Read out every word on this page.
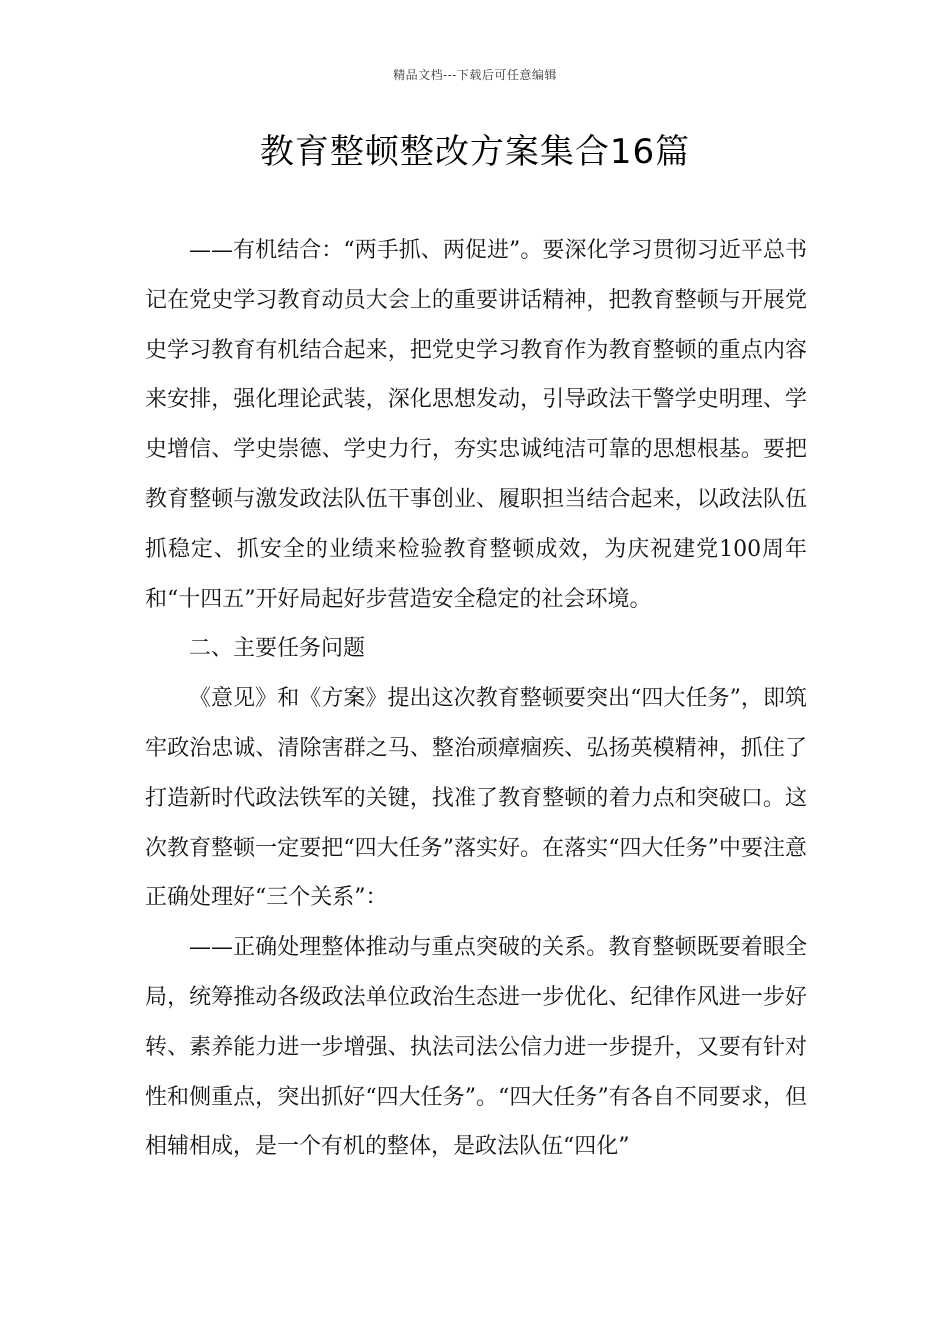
精品文档---下载后可任意编辑
教育整顿整改方案集合16篇

——有机结合：“两手抓、两促进”。要深化学习贯彻习近平总书记在党史学习教育动员大会上的重要讲话精神，把教育整顿与开展党史学习教育有机结合起来，把党史学习教育作为教育整顿的重点内容来安排，强化理论武装，深化思想发动，引导政法干警学史明理、学史增信、学史崇德、学史力行，夯实忠诚纯洁可靠的思想根基。要把教育整顿与激发政法队伍干事创业、履职担当结合起来，以政法队伍抓稳定、抓安全的业绩来检验教育整顿成效，为庆祝建党100周年和“十四五”开好局起好步营造安全稳定的社会环境。

二、主要任务问题

《意见》和《方案》提出这次教育整顿要突出“四大任务”，即筑牢政治忠诚、清除害群之马、整治顽瘴痼疾、弘扬英模精神，抓住了打造新时代政法铁军的关键，找准了教育整顿的着力点和突破口。这次教育整顿一定要把“四大任务”落实好。在落实“四大任务”中要注意正确处理好“三个关系”：

——正确处理整体推动与重点突破的关系。教育整顿既要着眼全局，统筹推动各级政法单位政治生态进一步优化、纪律作风进一步好转、素养能力进一步增强、执法司法公信力进一步提升，又要有针对性和侧重点，突出抓好“四大任务”。“四大任务”有各自不同要求，但相辅相成，是一个有机的整体，是政法队伍“四化”
